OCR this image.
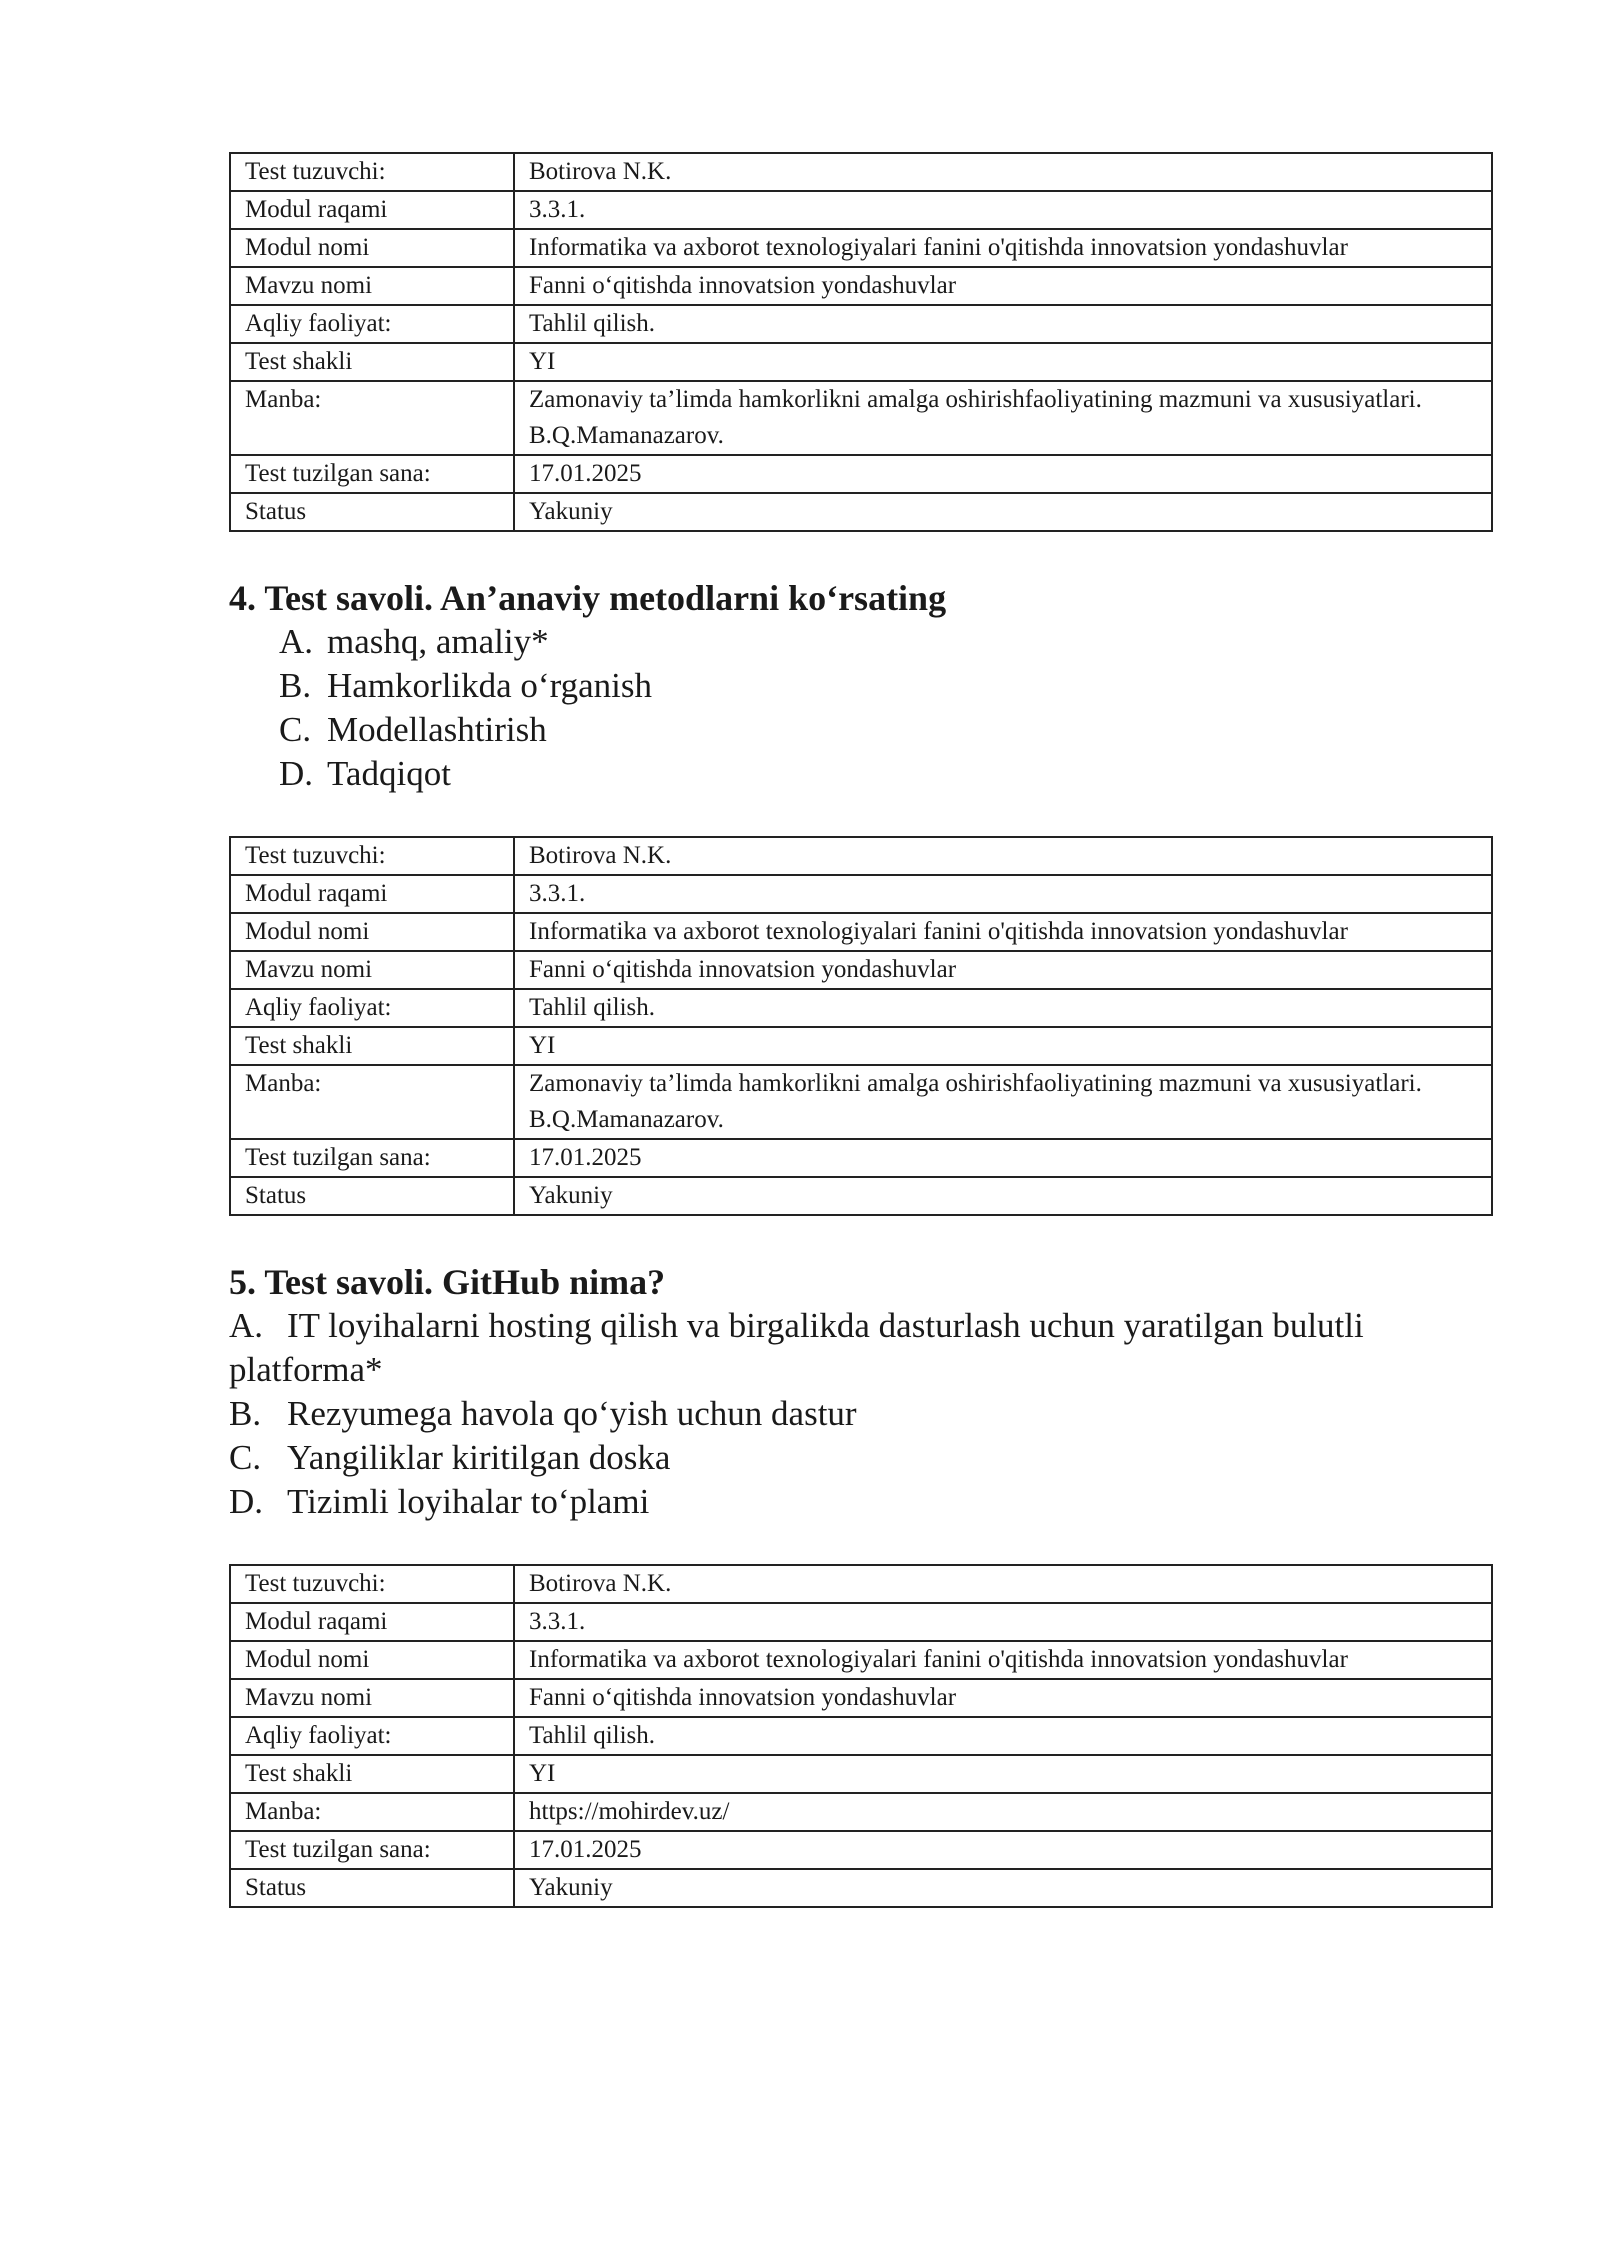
Test tuzuvchi:	Botirova N.K.
Modul raqami	3.3.1.
Modul nomi	Informatika va axborot texnologiyalari fanini o'qitishda innovatsion yondashuvlar
Mavzu nomi	Fanni o‘qitishda innovatsion yondashuvlar
Aqliy faoliyat:	Tahlil qilish.
Test shakli	YI
Manba:	Zamonaviy ta’limda hamkorlikni amalga oshirishfaoliyatining mazmuni va xususiyatlari. B.Q.Mamanazarov.
Test tuzilgan sana:	17.01.2025
Status	Yakuniy

4. Test savoli. An’anaviy metodlarni ko‘rsating

A. mashq, amaliy*

B. Hamkorlikda o‘rganish

C. Modellashtirish

D. Tadqiqot

Test tuzuvchi:	Botirova N.K.
Modul raqami	3.3.1.
Modul nomi	Informatika va axborot texnologiyalari fanini o'qitishda innovatsion yondashuvlar
Mavzu nomi	Fanni o‘qitishda innovatsion yondashuvlar
Aqliy faoliyat:	Tahlil qilish.
Test shakli	YI
Manba:	Zamonaviy ta’limda hamkorlikni amalga oshirishfaoliyatining mazmuni va xususiyatlari. B.Q.Mamanazarov.
Test tuzilgan sana:	17.01.2025
Status	Yakuniy

5. Test savoli. GitHub nima?

A. IT loyihalarni hosting qilish va birgalikda dasturlash uchun yaratilgan bulutli platforma*

B. Rezyumega havola qo‘yish uchun dastur

C. Yangiliklar kiritilgan doska

D. Tizimli loyihalar to‘plami

Test tuzuvchi:	Botirova N.K.
Modul raqami	3.3.1.
Modul nomi	Informatika va axborot texnologiyalari fanini o'qitishda innovatsion yondashuvlar
Mavzu nomi	Fanni o‘qitishda innovatsion yondashuvlar
Aqliy faoliyat:	Tahlil qilish.
Test shakli	YI
Manba:	https://mohirdev.uz/
Test tuzilgan sana:	17.01.2025
Status	Yakuniy
